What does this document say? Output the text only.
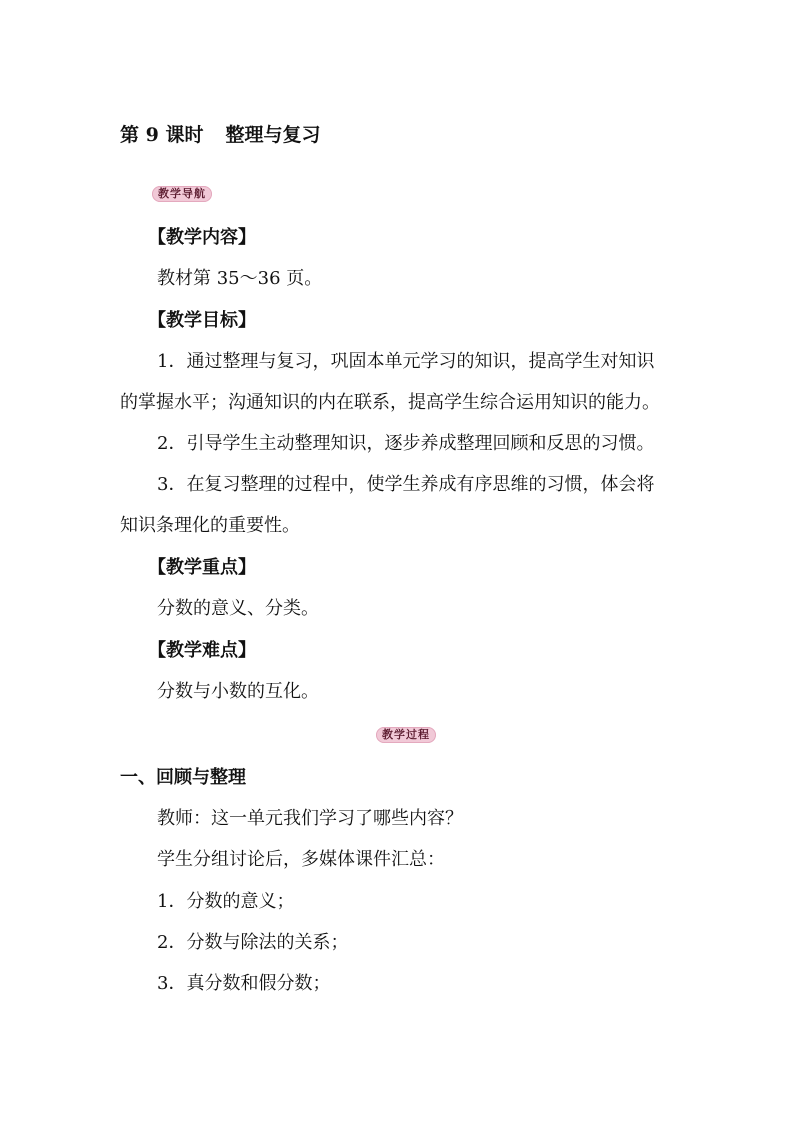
第 9 课时 整理与复习
教学导航
【教学内容】
教材第 35～36 页。
【教学目标】
1．通过整理与复习，巩固本单元学习的知识，提高学生对知识
的掌握水平；沟通知识的内在联系，提高学生综合运用知识的能力。
2．引导学生主动整理知识，逐步养成整理回顾和反思的习惯。
3．在复习整理的过程中，使学生养成有序思维的习惯，体会将
知识条理化的重要性。
【教学重点】
分数的意义、分类。
【教学难点】
分数与小数的互化。
教学过程
一、回顾与整理
教师：这一单元我们学习了哪些内容？
学生分组讨论后，多媒体课件汇总：
1．分数的意义；
2．分数与除法的关系；
3．真分数和假分数；
